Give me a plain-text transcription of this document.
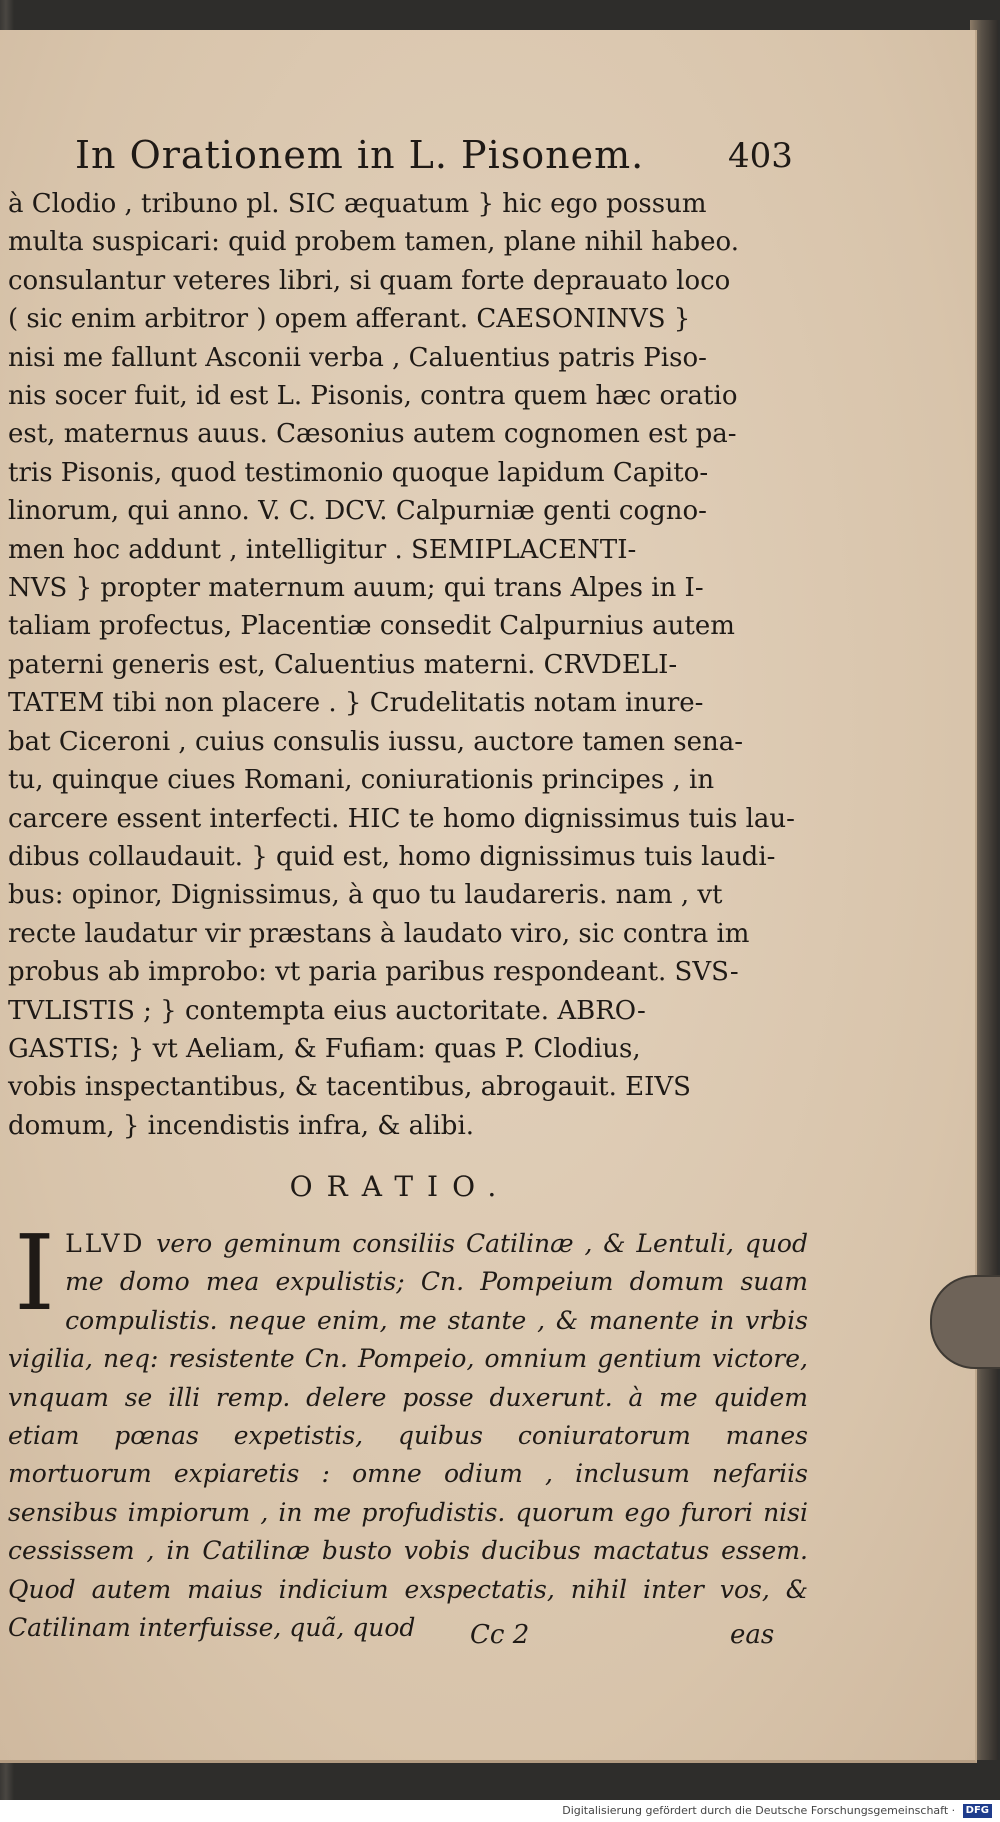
In Orationem in L. Pisonem.	403

à Clodio , tribuno pl. SIC æquatum } hic ego possum

multa suspicari: quid probem tamen, plane nihil habeo.

consulantur veteres libri, si quam forte deprauato loco

( sic enim arbitror ) opem afferant. CAESONINVS }

nisi me fallunt Asconii verba , Caluentius patris Piso-

nis socer fuit, id est L. Pisonis, contra quem hæc oratio

est, maternus auus. Cæsonius autem cognomen est pa-

tris Pisonis, quod testimonio quoque lapidum Capito-

linorum, qui anno. V. C. DCV. Calpurniæ genti cogno-

men hoc addunt , intelligitur . SEMIPLACENTI-

NVS } propter maternum auum; qui trans Alpes in I-

taliam profectus, Placentiæ consedit Calpurnius autem

paterni generis est, Caluentius materni. CRVDELI-

TATEM tibi non placere . } Crudelitatis notam inure-

bat Ciceroni , cuius consulis iussu, auctore tamen sena-

tu, quinque ciues Romani, coniurationis principes , in

carcere essent interfecti. HIC te homo dignissimus tuis lau-

dibus collaudauit. } quid est, homo dignissimus tuis laudi-

bus: opinor, Dignissimus, à quo tu laudareris. nam , vt

recte laudatur vir præstans à laudato viro, sic contra im

probus ab improbo: vt paria paribus respondeant. SVS-

TVLISTIS ; } contempta eius auctoritate. ABRO-

GASTIS; } vt Aeliam, & Fufiam: quas P. Clodius,

vobis inspectantibus, & tacentibus, abrogauit. EIVS

domum, } incendistis infra, & alibi.

ORATIO.
I LLVD vero geminum consiliis Catilinæ , & Lentuli, quod me domo mea expulistis; Cn. Pompeium domum suam compulistis. neque enim, me stante , & manente in vrbis vigilia, neq: resistente Cn. Pompeio, omnium gentium victore, vnquam se illi remp. delere posse duxerunt. à me quidem etiam pœnas expetistis, quibus coniuratorum manes mortuorum expiaretis : omne odium , inclusum nefariis sensibus impiorum , in me profudistis. quorum ego furori nisi cessissem , in Catilinæ busto vobis ducibus mactatus essem. Quod autem maius indicium exspectatis, nihil inter vos, & Catilinam interfuisse, quã, quod	Cc 2	eas
Digitalisierung gefördert durch die Deutsche Forschungsgemeinschaft · DFG
